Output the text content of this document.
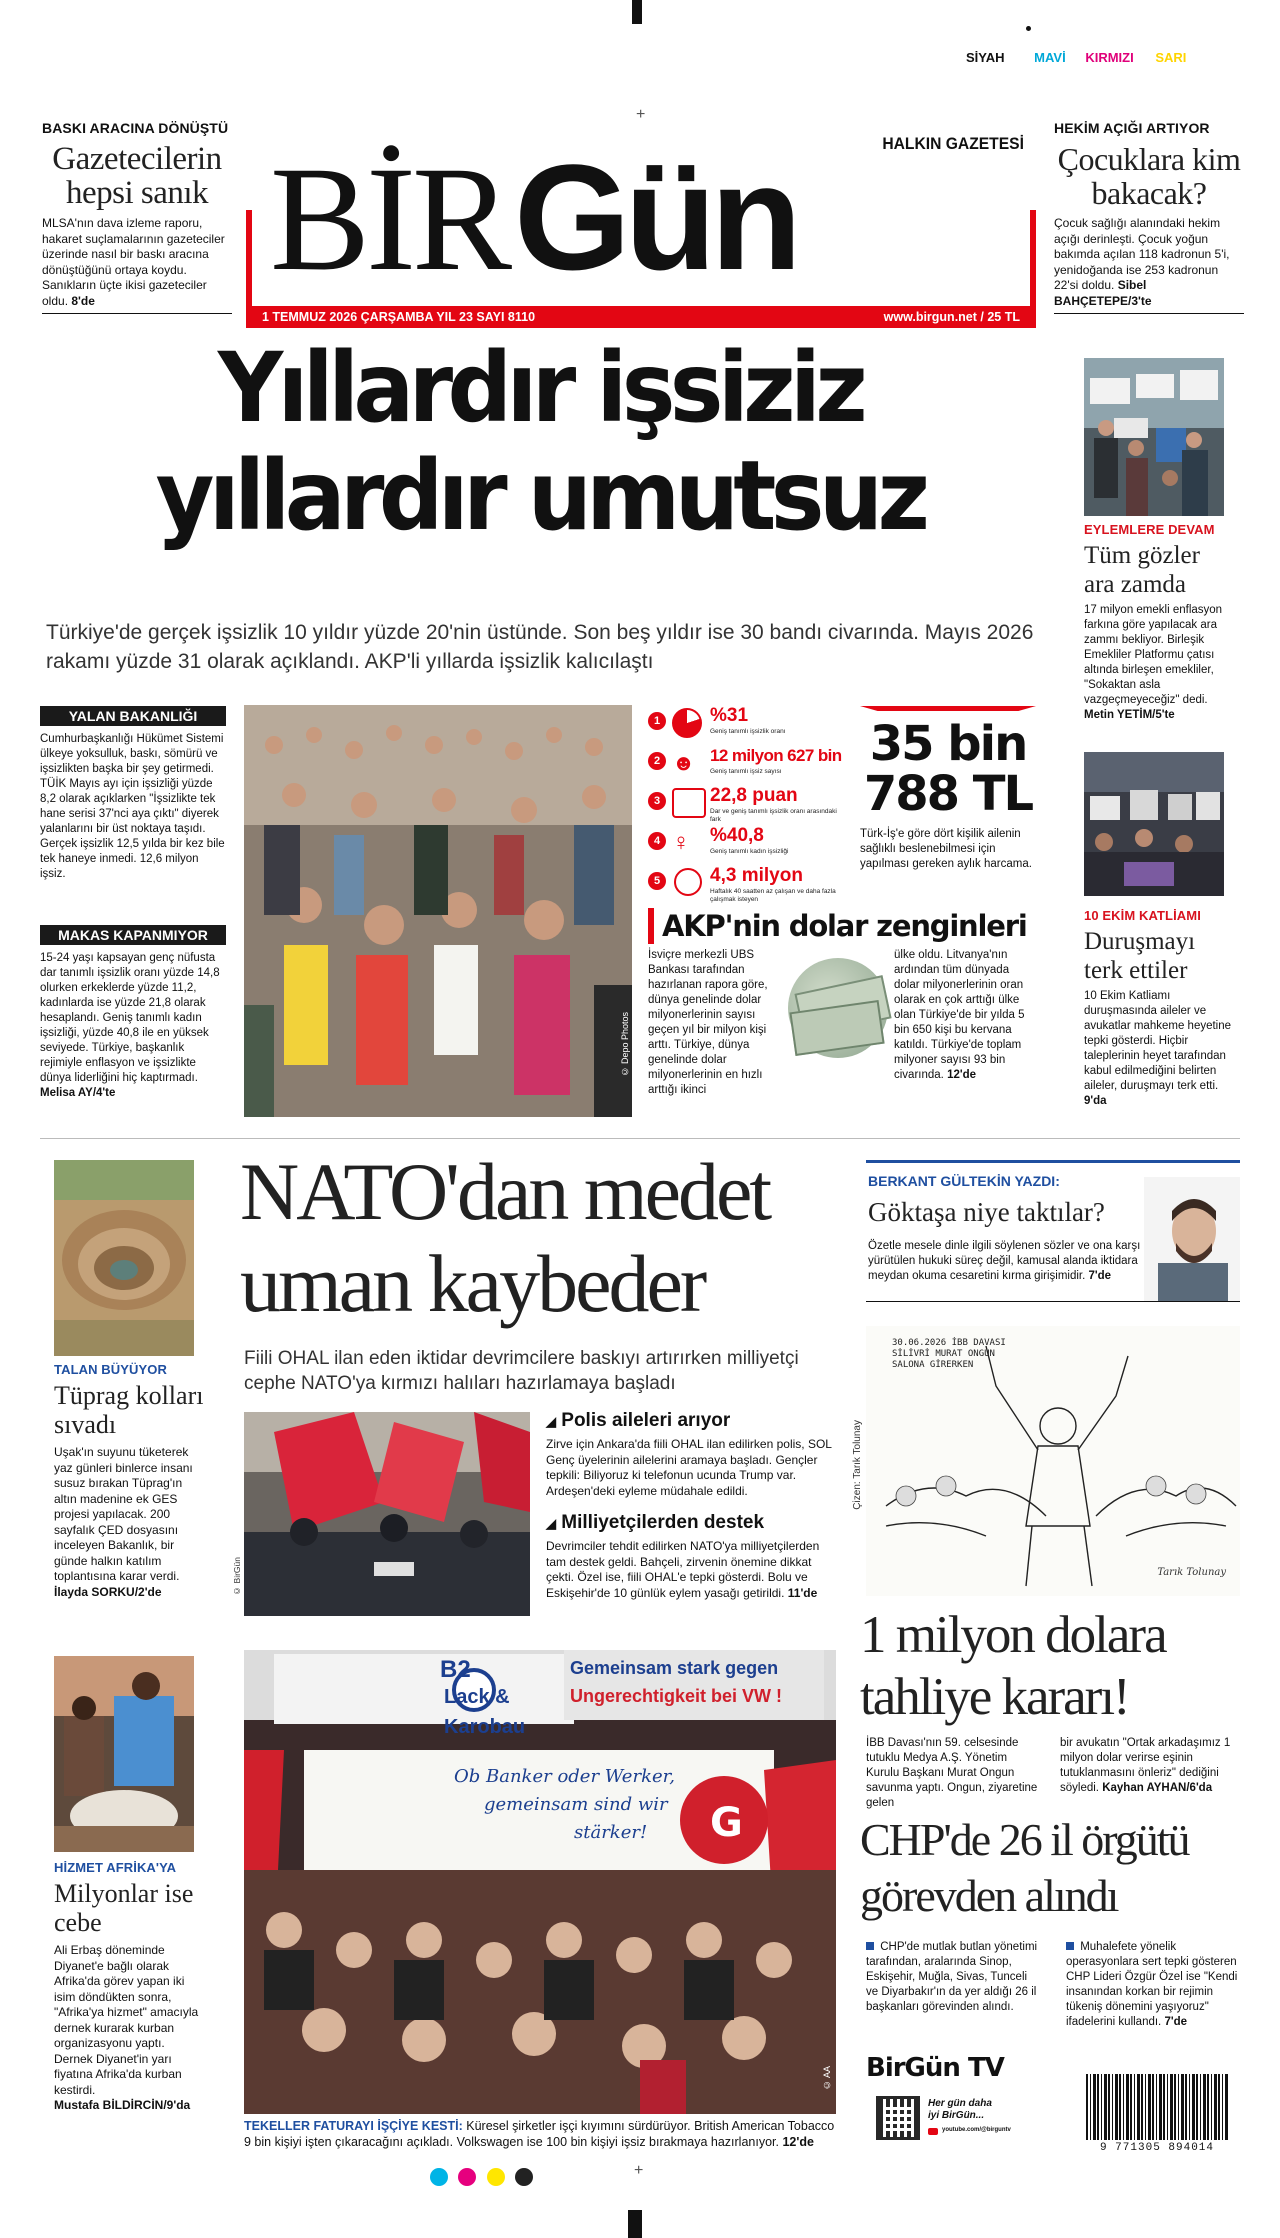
SİYAH MAVİ KIRMIZI SARI
+
BASKI ARACINA DÖNÜŞTÜ
Gazetecilerin hepsi sanık
MLSA'nın dava izleme raporu, hakaret suçlamalarının gazeteciler üzerinde nasıl bir baskı aracına dönüştüğünü ortaya koydu. Sanıkların üçte ikisi gazeteciler oldu. 8'de	BİRGün	HALKIN GAZETESİ
1 TEMMUZ 2026 ÇARŞAMBA YIL 23 SAYI 8110	www.birgun.net / 25 TL
HEKİM AÇIĞI ARTIYOR
Çocuklara kim bakacak?
Çocuk sağlığı alanındaki hekim açığı derinleşti. Çocuk yoğun bakımda açılan 118 kadronun 5'i, yenidoğanda ise 253 kadronun 22'si doldu. Sibel BAHÇETEPE/3'te
Yıllardır işsiziz
yıllardır umutsuz
Türkiye'de gerçek işsizlik 10 yıldır yüzde 20'nin üstünde. Son beş yıldır ise 30 bandı civarında. Mayıs 2026 rakamı yüzde 31 olarak açıklandı. AKP'li yıllarda işsizlik kalıcılaştı
EYLEMLERE DEVAM
Tüm gözler ara zamda
17 milyon emekli enflasyon farkına göre yapılacak ara zammı bekliyor. Birleşik Emekliler Platformu çatısı altında birleşen emekliler, "Sokaktan asla vazgeçmeyeceğiz" dedi.
Metin YETİM/5'te
YALAN BAKANLIĞI
Cumhurbaşkanlığı Hükümet Sistemi ülkeye yoksulluk, baskı, sömürü ve işsizlikten başka bir şey getirmedi. TÜİK Mayıs ayı için işsizliği yüzde 8,2 olarak açıklarken "İşsizlikte tek hane serisi 37'nci aya çıktı" diyerek yalanlarını bir üst noktaya taşıdı. Gerçek işsizlik 12,5 yılda bir kez bile tek haneye inmedi. 12,6 milyon işsiz.
MAKAS KAPANMIYOR
15-24 yaşı kapsayan genç nüfusta dar tanımlı işsizlik oranı yüzde 14,8 olurken erkeklerde yüzde 11,2, kadınlarda ise yüzde 21,8 olarak hesaplandı. Geniş tanımlı kadın işsizliği, yüzde 40,8 ile en yüksek seviyede. Türkiye, başkanlık rejimiyle enflasyon ve işsizlikte dünya liderliğini hiç kaptırmadı. Melisa AY/4'te
© Depo Photos
1	%31
Geniş tanımlı işsizlik oranı
2 ☻ 12 milyon 627 bin
Geniş tanımlı işsiz sayısı
3	22,8 puan
Dar ve geniş tanımlı işsizlik oranı arasındaki fark
4 ♀	%40,8
Geniş tanımlı kadın işsizliği
5	4,3 milyon
Haftalık 40 saatten az çalışan ve daha fazla çalışmak isteyen
35 bin
788 TL
Türk-İş'e göre dört kişilik ailenin sağlıklı beslenebilmesi için yapılması gereken aylık harcama.
AKP'nin dolar zenginleri
İsviçre merkezli UBS Bankası tarafından hazırlanan rapora göre, dünya genelinde dolar milyonerlerinin sayısı geçen yıl bir milyon kişi arttı. Türkiye, dünya genelinde dolar milyonerlerinin en hızlı arttığı ikinci
ülke oldu. Litvanya'nın ardından tüm dünyada dolar milyonerlerinin oran olarak en çok arttığı ülke olan Türkiye'de bir yılda 5 bin 650 kişi bu kervana katıldı. Türkiye'de toplam milyoner sayısı 93 bin civarında. 12'de
10 EKİM KATLİAMI
Duruşmayı terk ettiler
10 Ekim Katliamı duruşmasında aileler ve avukatlar mahkeme heyetine tepki gösterdi. Hiçbir taleplerinin heyet tarafından kabul edilmediğini belirten aileler, duruşmayı terk etti. 9'da
TALAN BÜYÜYOR
Tüprag kolları sıvadı
Uşak'ın suyunu tüketerek yaz günleri binlerce insanı susuz bırakan Tüprag'ın altın madenine ek GES projesi yapılacak. 200 sayfalık ÇED dosyasını inceleyen Bakanlık, bir günde halkın katılım toplantısına karar verdi.
İlayda SORKU/2'de
HİZMET AFRİKA'YA
Milyonlar ise cebe
Ali Erbaş döneminde Diyanet'e bağlı olarak Afrika'da görev yapan iki isim döndükten sonra, "Afrika'ya hizmet" amacıyla dernek kurarak kurban organizasyonu yaptı. Dernek Diyanet'in yarı fiyatına Afrika'da kurban kestirdi.
Mustafa BİLDİRCİN/9'da
NATO'dan medet
uman kaybeder
Fiili OHAL ilan eden iktidar devrimcilere baskıyı artırırken milliyetçi cephe NATO'ya kırmızı halıları hazırlamaya başladı
© BirGün
◢ Polis aileleri arıyor
Zirve için Ankara'da fiili OHAL ilan edilirken polis, SOL Genç üyelerinin ailelerini aramaya başladı. Gençler tepkili: Biliyoruz ki telefonun ucunda Trump var. Ardeşen'deki eyleme müdahale edildi.
◢ Milliyetçilerden destek
Devrimciler tehdit edilirken NATO'ya milliyetçilerden tam destek geldi. Bahçeli, zirvenin önemine dikkat çekti. Özel ise, fiili OHAL'e tepki gösterdi. Bolu ve Eskişehir'de 10 günlük eylem yasağı getirildi. 11'de
G
B2
Lack &
Karobau
Gemeinsam stark gegen
Ungerechtigkeit bei VW !
Ob Banker oder Werker,
gemeinsam sind wir
stärker!
© AA
TEKELLER FATURAYI İŞÇİYE KESTİ: Küresel şirketler işçi kıyımını sürdürüyor. British American Tobacco 9 bin kişiyi işten çıkaracağını açıkladı. Volkswagen ise 100 bin kişiyi işsiz bırakmaya hazırlanıyor. 12'de
BERKANT GÜLTEKİN YAZDI:
Göktaşa niye taktılar?
Özetle mesele dinle ilgili söylenen sözler ve ona karşı yürütülen hukuki süreç değil, kamusal alanda iktidara meydan okuma cesaretini kırma girişimidir. 7'de
30.06.2026 İBB DAVASI SİLİVRİ MURAT ONGUN SALONA GİRERKEN
Tarık Tolunay
Çizen: Tarık Tolunay
1 milyon dolara
tahliye kararı!
İBB Davası'nın 59. celsesinde tutuklu Medya A.Ş. Yönetim Kurulu Başkanı Murat Ongun savunma yaptı. Ongun, ziyaretine gelen
bir avukatın "Ortak arkadaşımız 1 milyon dolar verirse eşinin tutuklanmasını önleriz" dediğini söyledi. Kayhan AYHAN/6'da
CHP'de 26 il örgütü
görevden alındı
CHP'de mutlak butlan yönetimi tarafından, aralarında Sinop, Eskişehir, Muğla, Sivas, Tunceli ve Diyarbakır'ın da yer aldığı 26 il başkanları görevinden alındı.
Muhalefete yönelik operasyonlara sert tepki gösteren CHP Lideri Özgür Özel ise "Kendi insanından korkan bir rejimin tükeniş dönemini yaşıyoruz" ifadelerini kullandı. 7'de
BirGün TV
Her gün daha
iyi BirGün...
youtube.com/@birguntv
9 771305 894014

+
